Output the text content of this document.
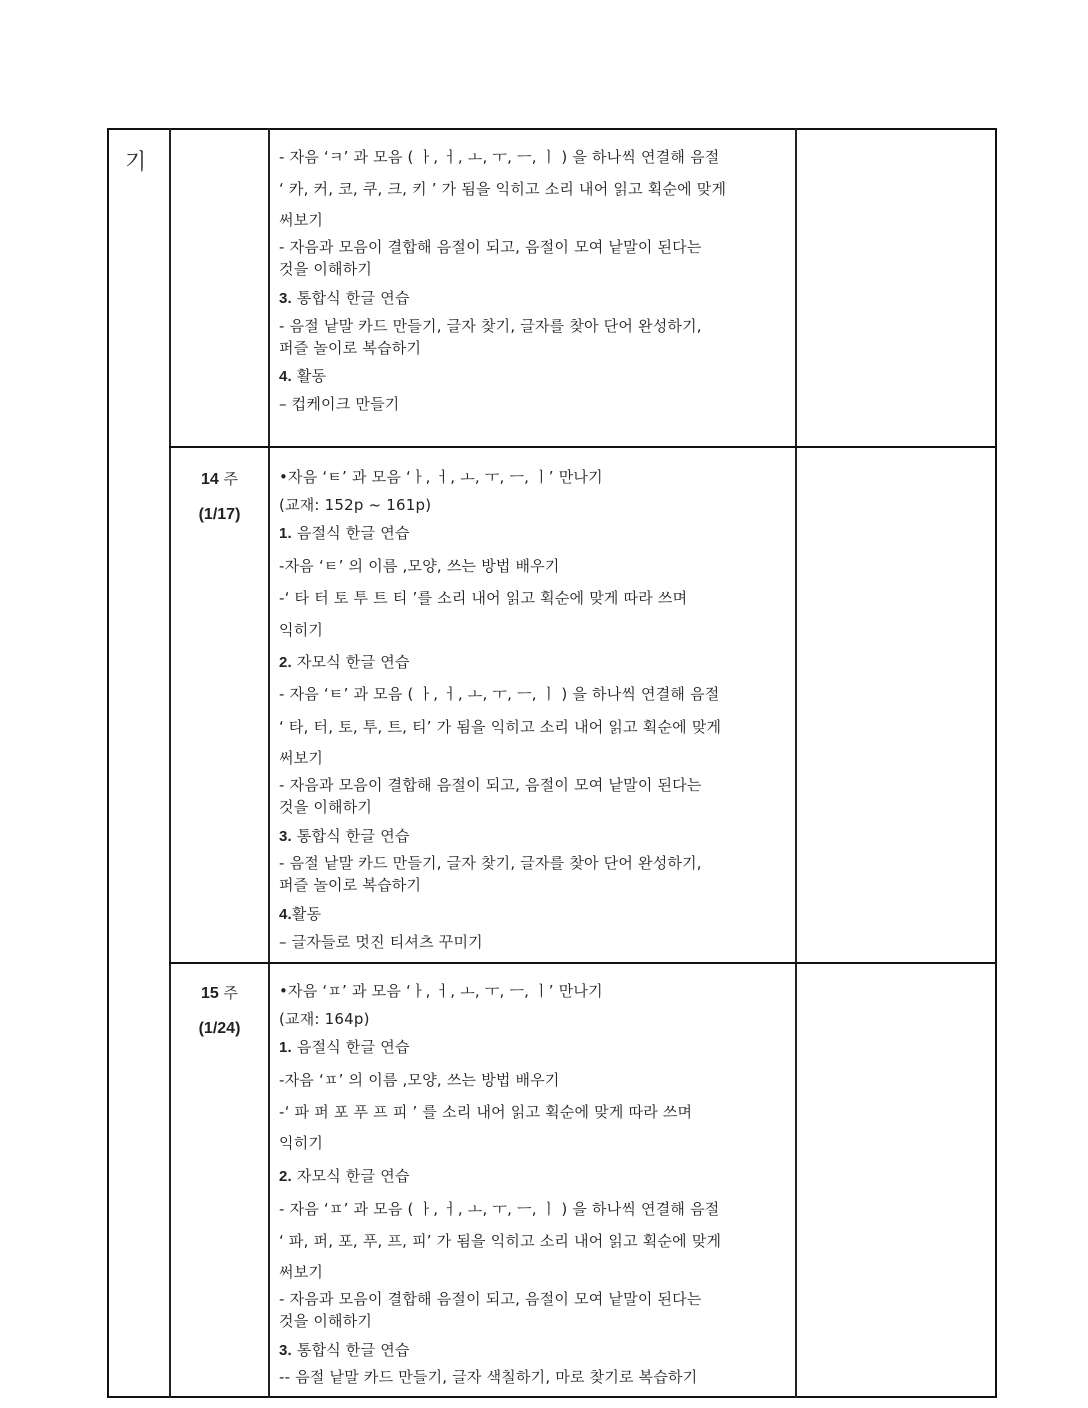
기
14 주
(1/17)
15 주
(1/24)
- 자음 ‘ㅋ’ 과 모음 ( ㅏ, ㅓ, ㅗ, ㅜ, ㅡ, ㅣ ) 을 하나씩 연결해 음절
‘ 카, 커, 코, 쿠, 크, 키 ’ 가 됨을 익히고 소리 내어 읽고 획순에 맞게
써보기
- 자음과 모음이 결합해 음절이 되고, 음절이 모여 낱말이 된다는
것을 이해하기
3. 통합식 한글 연습
- 음절 낱말 카드 만들기, 글자 찾기, 글자를 찾아 단어 완성하기,
퍼즐 놀이로 복습하기
4. 활동
– 컵케이크 만들기
•자음 ‘ㅌ’ 과 모음 ‘ㅏ, ㅓ, ㅗ, ㅜ, ㅡ, ㅣ’ 만나기
(교재: 152p ~ 161p)
1. 음절식 한글 연습
-자음 ‘ㅌ’ 의 이름 ,모양, 쓰는 방법 배우기
-‘ 타 터 토 투 트 티 ’를 소리 내어 읽고 획순에 맞게 따라 쓰며
익히기
2. 자모식 한글 연습
- 자음 ‘ㅌ’ 과 모음 ( ㅏ, ㅓ, ㅗ, ㅜ, ㅡ, ㅣ ) 을 하나씩 연결해 음절
‘ 타, 터, 토, 투, 트, 티’ 가 됨을 익히고 소리 내어 읽고 획순에 맞게
써보기
- 자음과 모음이 결합해 음절이 되고, 음절이 모여 낱말이 된다는
것을 이해하기
3. 통합식 한글 연습
- 음절 낱말 카드 만들기, 글자 찾기, 글자를 찾아 단어 완성하기,
퍼즐 놀이로 복습하기
4.활동
– 글자들로 멋진 티셔츠 꾸미기
•자음 ‘ㅍ’ 과 모음 ‘ㅏ, ㅓ, ㅗ, ㅜ, ㅡ, ㅣ’ 만나기
(교재: 164p)
1. 음절식 한글 연습
-자음 ‘ㅍ’ 의 이름 ,모양, 쓰는 방법 배우기
-‘ 파 퍼 포 푸 프 피 ’ 를 소리 내어 읽고 획순에 맞게 따라 쓰며
익히기
2. 자모식 한글 연습
- 자음 ‘ㅍ’ 과 모음 ( ㅏ, ㅓ, ㅗ, ㅜ, ㅡ, ㅣ ) 을 하나씩 연결해 음절
‘ 파, 퍼, 포, 푸, 프, 피’ 가 됨을 익히고 소리 내어 읽고 획순에 맞게
써보기
- 자음과 모음이 결합해 음절이 되고, 음절이 모여 낱말이 된다는
것을 이해하기
3. 통합식 한글 연습
-- 음절 낱말 카드 만들기, 글자 색칠하기, 마로 찾기로 복습하기
